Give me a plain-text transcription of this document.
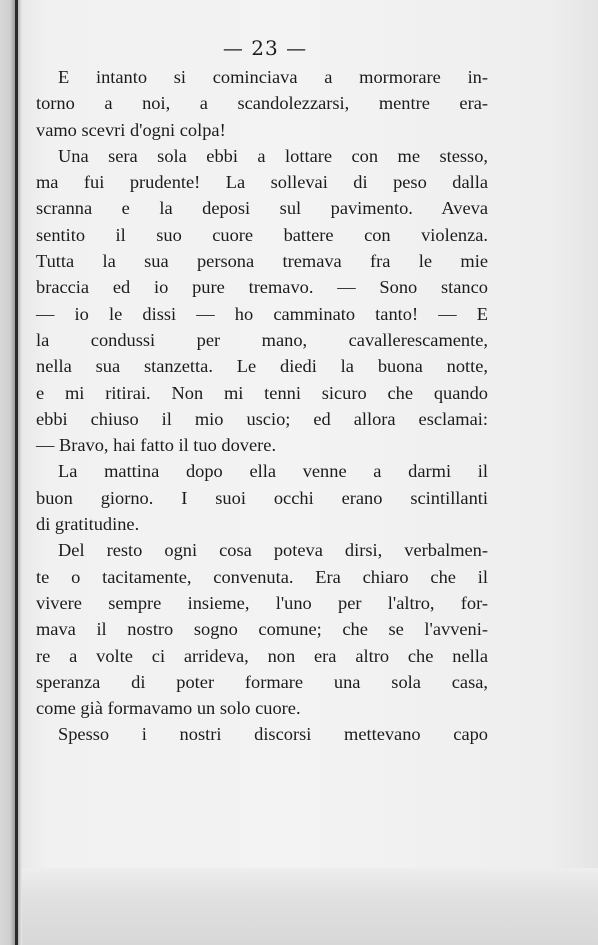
— 23 —
E intanto si cominciava a mormorare in-
torno a noi, a scandolezzarsi, mentre era-
vamo scevri d'ogni colpa!
Una sera sola ebbi a lottare con me stesso,
ma fui prudente! La sollevai di peso dalla
scranna e la deposi sul pavimento. Aveva
sentito il suo cuore battere con violenza.
Tutta la sua persona tremava fra le mie
braccia ed io pure tremavo. — Sono stanco
— io le dissi — ho camminato tanto! — E
la condussi per mano, cavallerescamente,
nella sua stanzetta. Le diedi la buona notte,
e mi ritirai. Non mi tenni sicuro che quando
ebbi chiuso il mio uscio; ed allora esclamai:
— Bravo, hai fatto il tuo dovere.
La mattina dopo ella venne a darmi il
buon giorno. I suoi occhi erano scintillanti
di gratitudine.
Del resto ogni cosa poteva dirsi, verbalmen-
te o tacitamente, convenuta. Era chiaro che il
vivere sempre insieme, l'uno per l'altro, for-
mava il nostro sogno comune; che se l'avveni-
re a volte ci arrideva, non era altro che nella
speranza di poter formare una sola casa,
come già formavamo un solo cuore.
Spesso i nostri discorsi mettevano capo
